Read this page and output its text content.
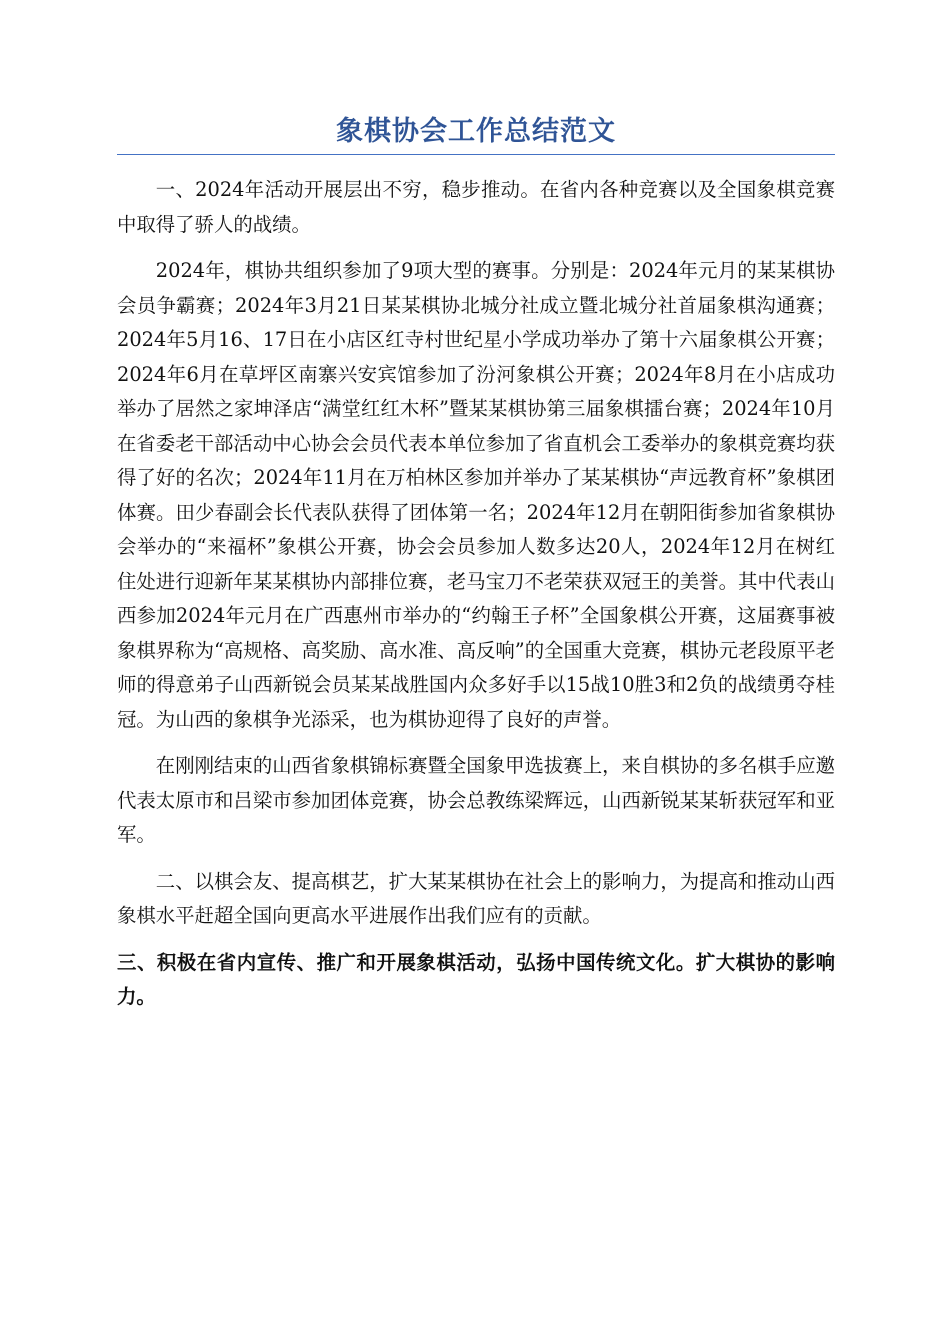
象棋协会工作总结范文

一、2024年活动开展层出不穷，稳步推动。在省内各种竞赛以及全国象棋竞赛中取得了骄人的战绩。

2024年，棋协共组织参加了9项大型的赛事。分别是：2024年元月的某某棋协会员争霸赛；2024年3月21日某某棋协北城分社成立暨北城分社首届象棋沟通赛；2024年5月16、17日在小店区红寺村世纪星小学成功举办了第十六届象棋公开赛；2024年6月在草坪区南寨兴安宾馆参加了汾河象棋公开赛；2024年8月在小店成功举办了居然之家坤泽店“满堂红红木杯”暨某某棋协第三届象棋擂台赛；2024年10月在省委老干部活动中心协会会员代表本单位参加了省直机会工委举办的象棋竞赛均获得了好的名次；2024年11月在万柏林区参加并举办了某某棋协“声远教育杯”象棋团体赛。田少春副会长代表队获得了团体第一名；2024年12月在朝阳街参加省象棋协会举办的“来福杯”象棋公开赛，协会会员参加人数多达20人，2024年12月在树红住处进行迎新年某某棋协内部排位赛，老马宝刀不老荣获双冠王的美誉。其中代表山西参加2024年元月在广西惠州市举办的“约翰王子杯”全国象棋公开赛，这届赛事被象棋界称为“高规格、高奖励、高水准、高反响”的全国重大竞赛，棋协元老段原平老师的得意弟子山西新锐会员某某战胜国内众多好手以15战10胜3和2负的战绩勇夺桂冠。为山西的象棋争光添采，也为棋协迎得了良好的声誉。

在刚刚结束的山西省象棋锦标赛暨全国象甲选拔赛上，来自棋协的多名棋手应邀代表太原市和吕梁市参加团体竞赛，协会总教练梁辉远，山西新锐某某斩获冠军和亚军。

二、以棋会友、提高棋艺，扩大某某棋协在社会上的影响力，为提高和推动山西象棋水平赶超全国向更高水平进展作出我们应有的贡献。

三、积极在省内宣传、推广和开展象棋活动，弘扬中国传统文化。扩大棋协的影响力。
